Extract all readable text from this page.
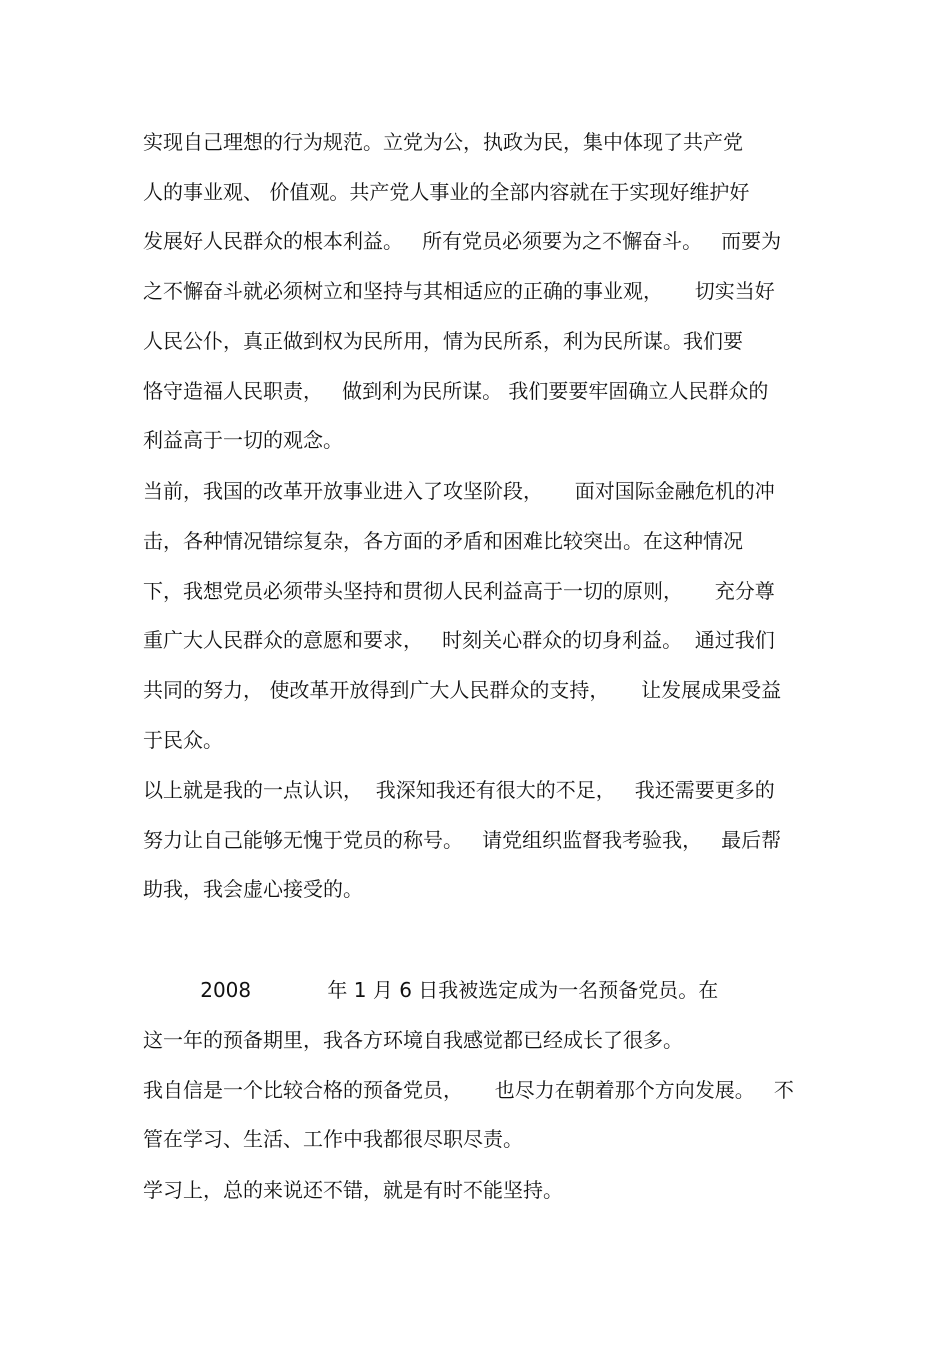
实现自己理想的行为规范。立党为公，执政为民，集中体现了共产党
人的事业观、 价值观。共产党人事业的全部内容就在于实现好维护好
发展好人民群众的根本利益。   所有党员必须要为之不懈奋斗。   而要为
之不懈奋斗就必须树立和坚持与其相适应的正确的事业观，     切实当好
人民公仆，真正做到权为民所用，情为民所系，利为民所谋。我们要
恪守造福人民职责，   做到利为民所谋。 我们要要牢固确立人民群众的
利益高于一切的观念。
当前，我国的改革开放事业进入了攻坚阶段，     面对国际金融危机的冲
击，各种情况错综复杂，各方面的矛盾和困难比较突出。在这种情况
下，我想党员必须带头坚持和贯彻人民利益高于一切的原则，     充分尊
重广大人民群众的意愿和要求，   时刻关心群众的切身利益。  通过我们
共同的努力， 使改革开放得到广大人民群众的支持，     让发展成果受益
于民众。
以上就是我的一点认识，  我深知我还有很大的不足，   我还需要更多的
努力让自己能够无愧于党员的称号。   请党组织监督我考验我，   最后帮
助我，我会虚心接受的。
2008            年 1 月 6 日我被选定成为一名预备党员。在
这一年的预备期里，我各方环境自我感觉都已经成长了很多。
我自信是一个比较合格的预备党员，     也尽力在朝着那个方向发展。   不
管在学习、生活、工作中我都很尽职尽责。
学习上，总的来说还不错，就是有时不能坚持。
